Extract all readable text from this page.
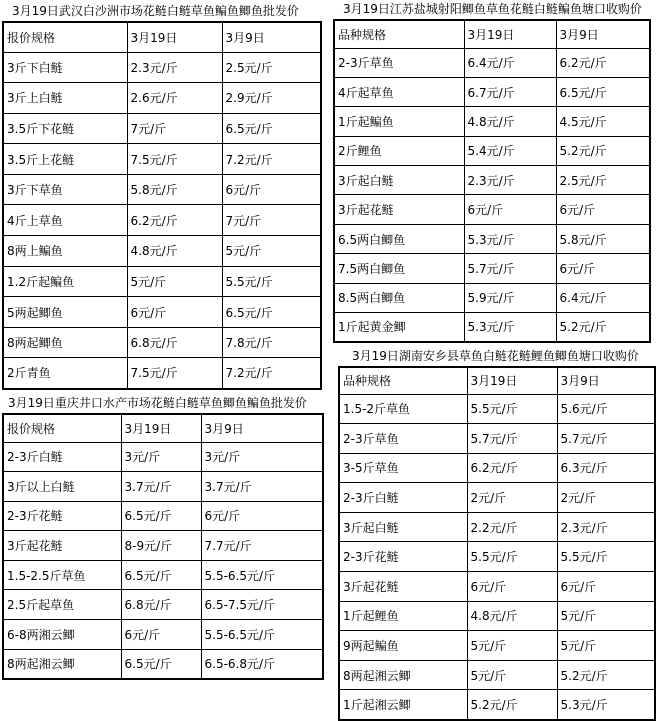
3月19日武汉白沙洲市场花鲢白鲢草鱼鳊鱼鲫鱼批发价
报价规格	3月19日	3月9日
3斤下白鲢	2.3元/斤	2.5元/斤
3斤上白鲢	2.6元/斤	2.9元/斤
3.5斤下花鲢	7元/斤	6.5元/斤
3.5斤上花鲢	7.5元/斤	7.2元/斤
3斤下草鱼	5.8元/斤	6元/斤
4斤上草鱼	6.2元/斤	7元/斤
8两上鳊鱼	4.8元/斤	5元/斤
1.2斤起鳊鱼	5元/斤	5.5元/斤
5两起鲫鱼	6元/斤	6.5元/斤
8两起鲫鱼	6.8元/斤	7.8元/斤
2斤青鱼	7.5元/斤	7.2元/斤
3月19日重庆井口水产市场花鲢白鲢草鱼鲫鱼鳊鱼批发价
报价规格	3月19日	3月9日
2-3斤白鲢	3元/斤	3元/斤
3斤以上白鲢	3.7元/斤	3.7元/斤
2-3斤花鲢	6.5元/斤	6元/斤
3斤起花鲢	8-9元/斤	7.7元/斤
1.5-2.5斤草鱼	6.5元/斤	5.5-6.5元/斤
2.5斤起草鱼	6.8元/斤	6.5-7.5元/斤
6-8两湘云鲫	6元/斤	5.5-6.5元/斤
8两起湘云鲫	6.5元/斤	6.5-6.8元/斤
3月19日江苏盐城射阳鲫鱼草鱼花鲢白鲢鳊鱼塘口收购价
品种规格	3月19日	3月9日
2-3斤草鱼	6.4元/斤	6.2元/斤
4斤起草鱼	6.7元/斤	6.5元/斤
1斤起鳊鱼	4.8元/斤	4.5元/斤
2斤鲤鱼	5.4元/斤	5.2元/斤
3斤起白鲢	2.3元/斤	2.5元/斤
3斤起花鲢	6元/斤	6元/斤
6.5两白鲫鱼	5.3元/斤	5.8元/斤
7.5两白鲫鱼	5.7元/斤	6元/斤
8.5两白鲫鱼	5.9元/斤	6.4元/斤
1斤起黄金鲫	5.3元/斤	5.2元/斤
3月19日湖南安乡县草鱼白鲢花鲢鲤鱼鲫鱼塘口收购价
品种规格	3月19日	3月9日
1.5-2斤草鱼	5.5元/斤	5.6元/斤
2-3斤草鱼	5.7元/斤	5.7元/斤
3-5斤草鱼	6.2元/斤	6.3元/斤
2-3斤白鲢	2元/斤	2元/斤
3斤起白鲢	2.2元/斤	2.3元/斤
2-3斤花鲢	5.5元/斤	5.5元/斤
3斤起花鲢	6元/斤	6元/斤
1斤起鲤鱼	4.8元/斤	5元/斤
9两起鳊鱼	5元/斤	5元/斤
8两起湘云鲫	5元/斤	5.2元/斤
1斤起湘云鲫	5.2元/斤	5.3元/斤
